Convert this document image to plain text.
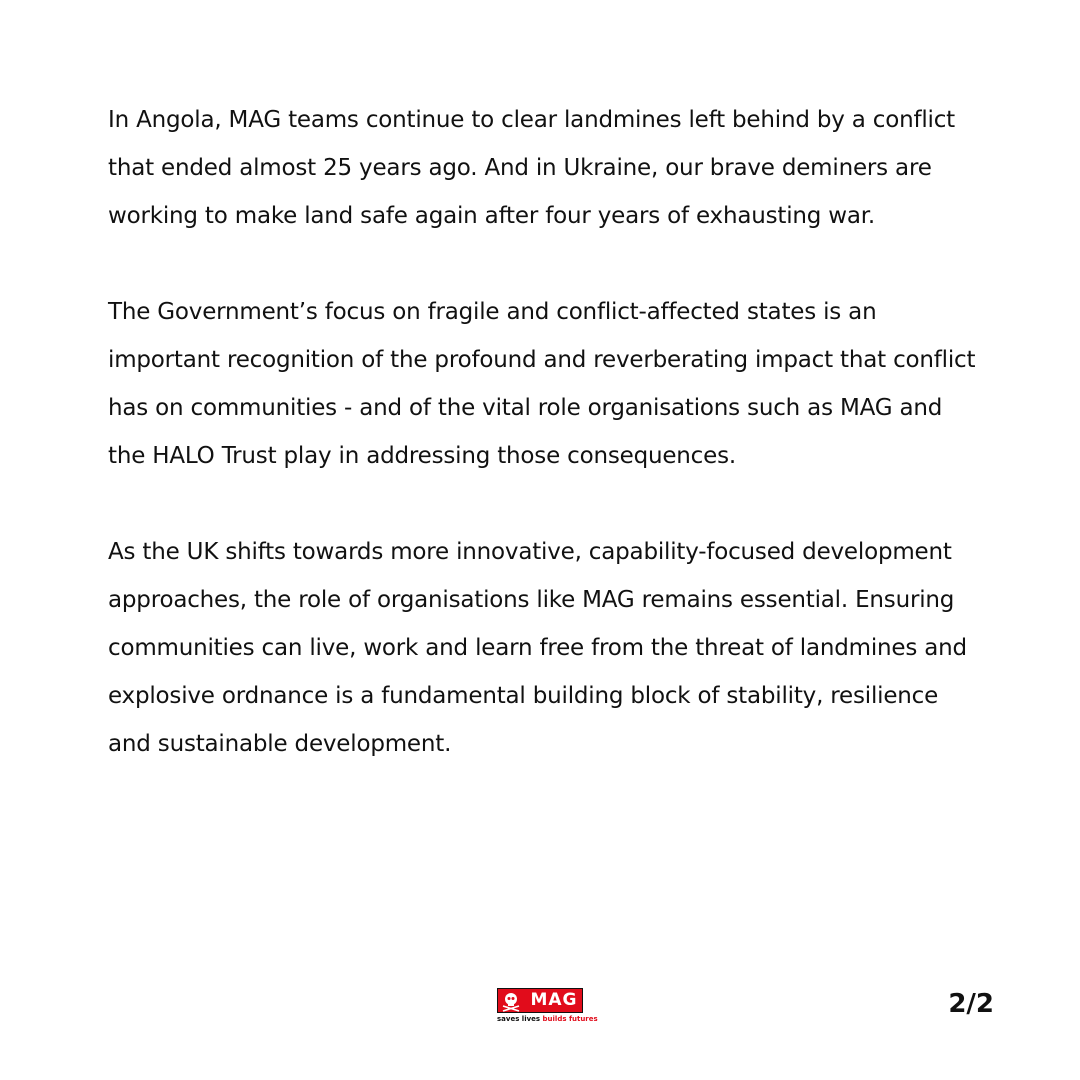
In Angola, MAG teams continue to clear landmines left behind by a conflict that ended almost 25 years ago. And in Ukraine, our brave deminers are working to make land safe again after four years of exhausting war.

The Government’s focus on fragile and conflict-affected states is an important recognition of the profound and reverberating impact that conflict has on communities - and of the vital role organisations such as MAG and the HALO Trust play in addressing those consequences.

As the UK shifts towards more innovative, capability-focused development approaches, the role of organisations like MAG remains essential. Ensuring communities can live, work and learn free from the threat of landmines and explosive ordnance is a fundamental building block of stability, resilience and sustainable development.

MAG
saves lives builds futures	2/2
